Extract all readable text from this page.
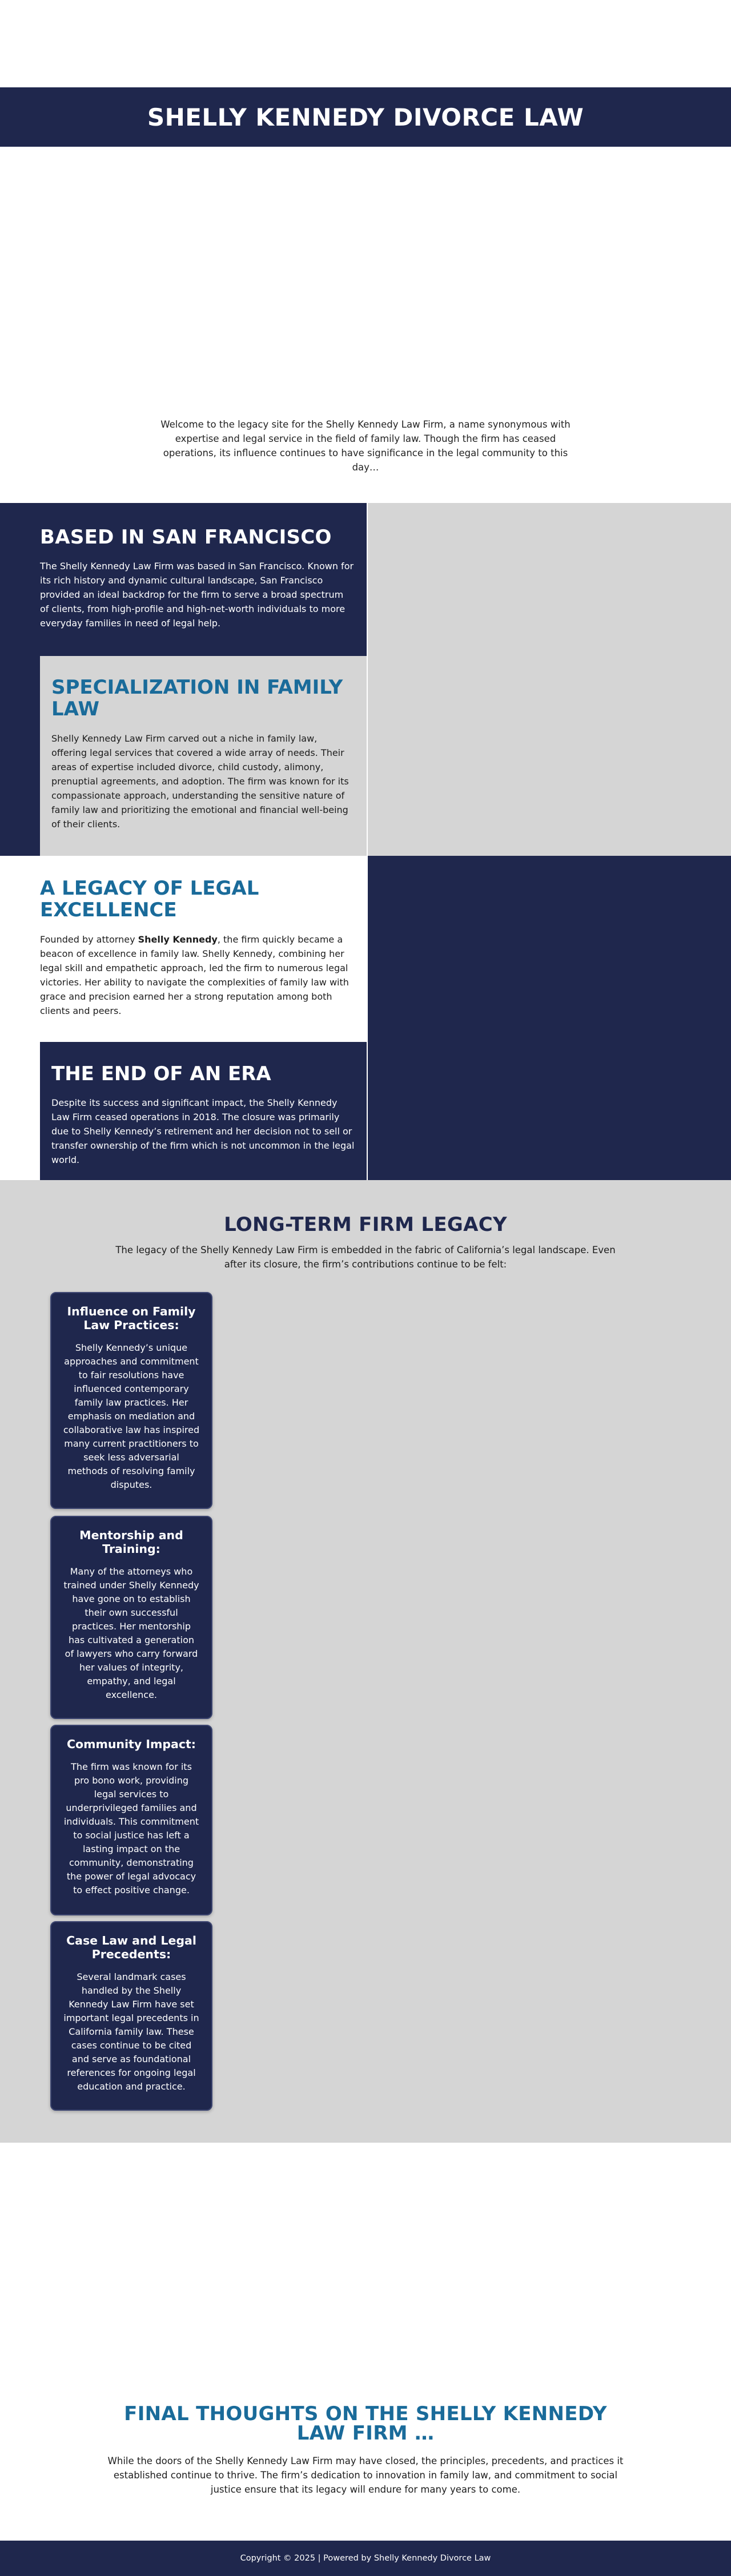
SHELLY KENNEDY DIVORCE LAW

Welcome to the legacy site for the Shelly Kennedy Law Firm, a name synonymous with expertise and legal service in the field of family law. Though the firm has ceased operations, its influence continues to have significance in the legal community to this day…

BASED IN SAN FRANCISCO

The Shelly Kennedy Law Firm was based in San Francisco. Known for its rich history and dynamic cultural landscape, San Francisco provided an ideal backdrop for the firm to serve a broad spectrum of clients, from high-profile and high-net-worth individuals to more everyday families in need of legal help.

SPECIALIZATION IN FAMILY LAW

Shelly Kennedy Law Firm carved out a niche in family law, offering legal services that covered a wide array of needs. Their areas of expertise included divorce, child custody, alimony, prenuptial agreements, and adoption. The firm was known for its compassionate approach, understanding the sensitive nature of family law and prioritizing the emotional and financial well-being of their clients.

A LEGACY OF LEGAL EXCELLENCE

Founded by attorney Shelly Kennedy, the firm quickly became a beacon of excellence in family law. Shelly Kennedy, combining her legal skill and empathetic approach, led the firm to numerous legal victories. Her ability to navigate the complexities of family law with grace and precision earned her a strong reputation among both clients and peers.

THE END OF AN ERA

Despite its success and significant impact, the Shelly Kennedy Law Firm ceased operations in 2018. The closure was primarily due to Shelly Kennedy’s retirement and her decision not to sell or transfer ownership of the firm which is not uncommon in the legal world.

LONG-TERM FIRM LEGACY

The legacy of the Shelly Kennedy Law Firm is embedded in the fabric of California’s legal landscape. Even after its closure, the firm’s contributions continue to be felt:

Influence on Family Law Practices:

Shelly Kennedy’s unique approaches and commitment to fair resolutions have influenced contemporary family law practices. Her emphasis on mediation and collaborative law has inspired many current practitioners to seek less adversarial methods of resolving family disputes.

Mentorship and Training:

Many of the attorneys who trained under Shelly Kennedy have gone on to establish their own successful practices. Her mentorship has cultivated a generation of lawyers who carry forward her values of integrity, empathy, and legal excellence.

Community Impact:

The firm was known for its pro bono work, providing legal services to underprivileged families and individuals. This commitment to social justice has left a lasting impact on the community, demonstrating the power of legal advocacy to effect positive change.

Case Law and Legal Precedents:

Several landmark cases handled by the Shelly Kennedy Law Firm have set important legal precedents in California family law. These cases continue to be cited and serve as foundational references for ongoing legal education and practice.

FINAL THOUGHTS ON THE SHELLY KENNEDY LAW FIRM …

While the doors of the Shelly Kennedy Law Firm may have closed, the principles, precedents, and practices it established continue to thrive. The firm’s dedication to innovation in family law, and commitment to social justice ensure that its legacy will endure for many years to come.

Copyright © 2025 | Powered by Shelly Kennedy Divorce Law
